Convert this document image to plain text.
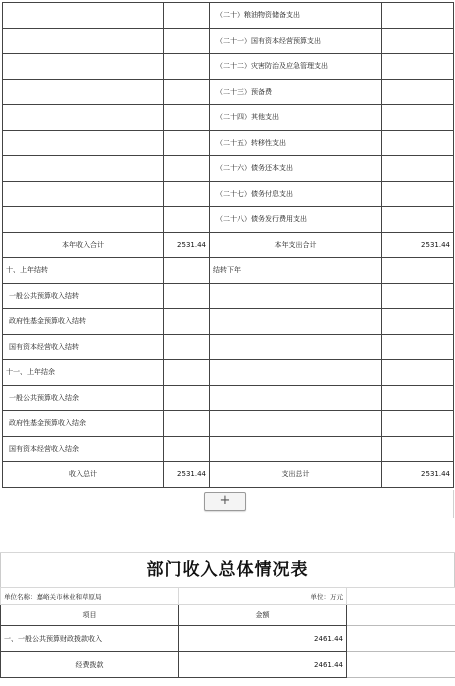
		（二十）粮油物资储备支出	
		（二十一）国有资本经营预算支出	
		（二十二）灾害防治及应急管理支出	
		（二十三）预备费	
		（二十四）其他支出	
		（二十五）转移性支出	
		（二十六）债务还本支出	
		（二十七）债务付息支出	
		（二十八）债务发行费用支出	
本年收入合计	2531.44	本年支出合计	2531.44
十、上年结转		结转下年	
一般公共预算收入结转			
政府性基金预算收入结转			
国有资本经营收入结转			
十一、上年结余			
一般公共预算收入结余			
政府性基金预算收入结余			
国有资本经营收入结余			
收入总计	2531.44	支出总计	2531.44
+
部门收入总体情况表
单位名称：嘉峪关市林业和草原局	单位：万元	
项目	金额	
一、一般公共预算财政拨款收入	2461.44	
经费拨款	2461.44	
